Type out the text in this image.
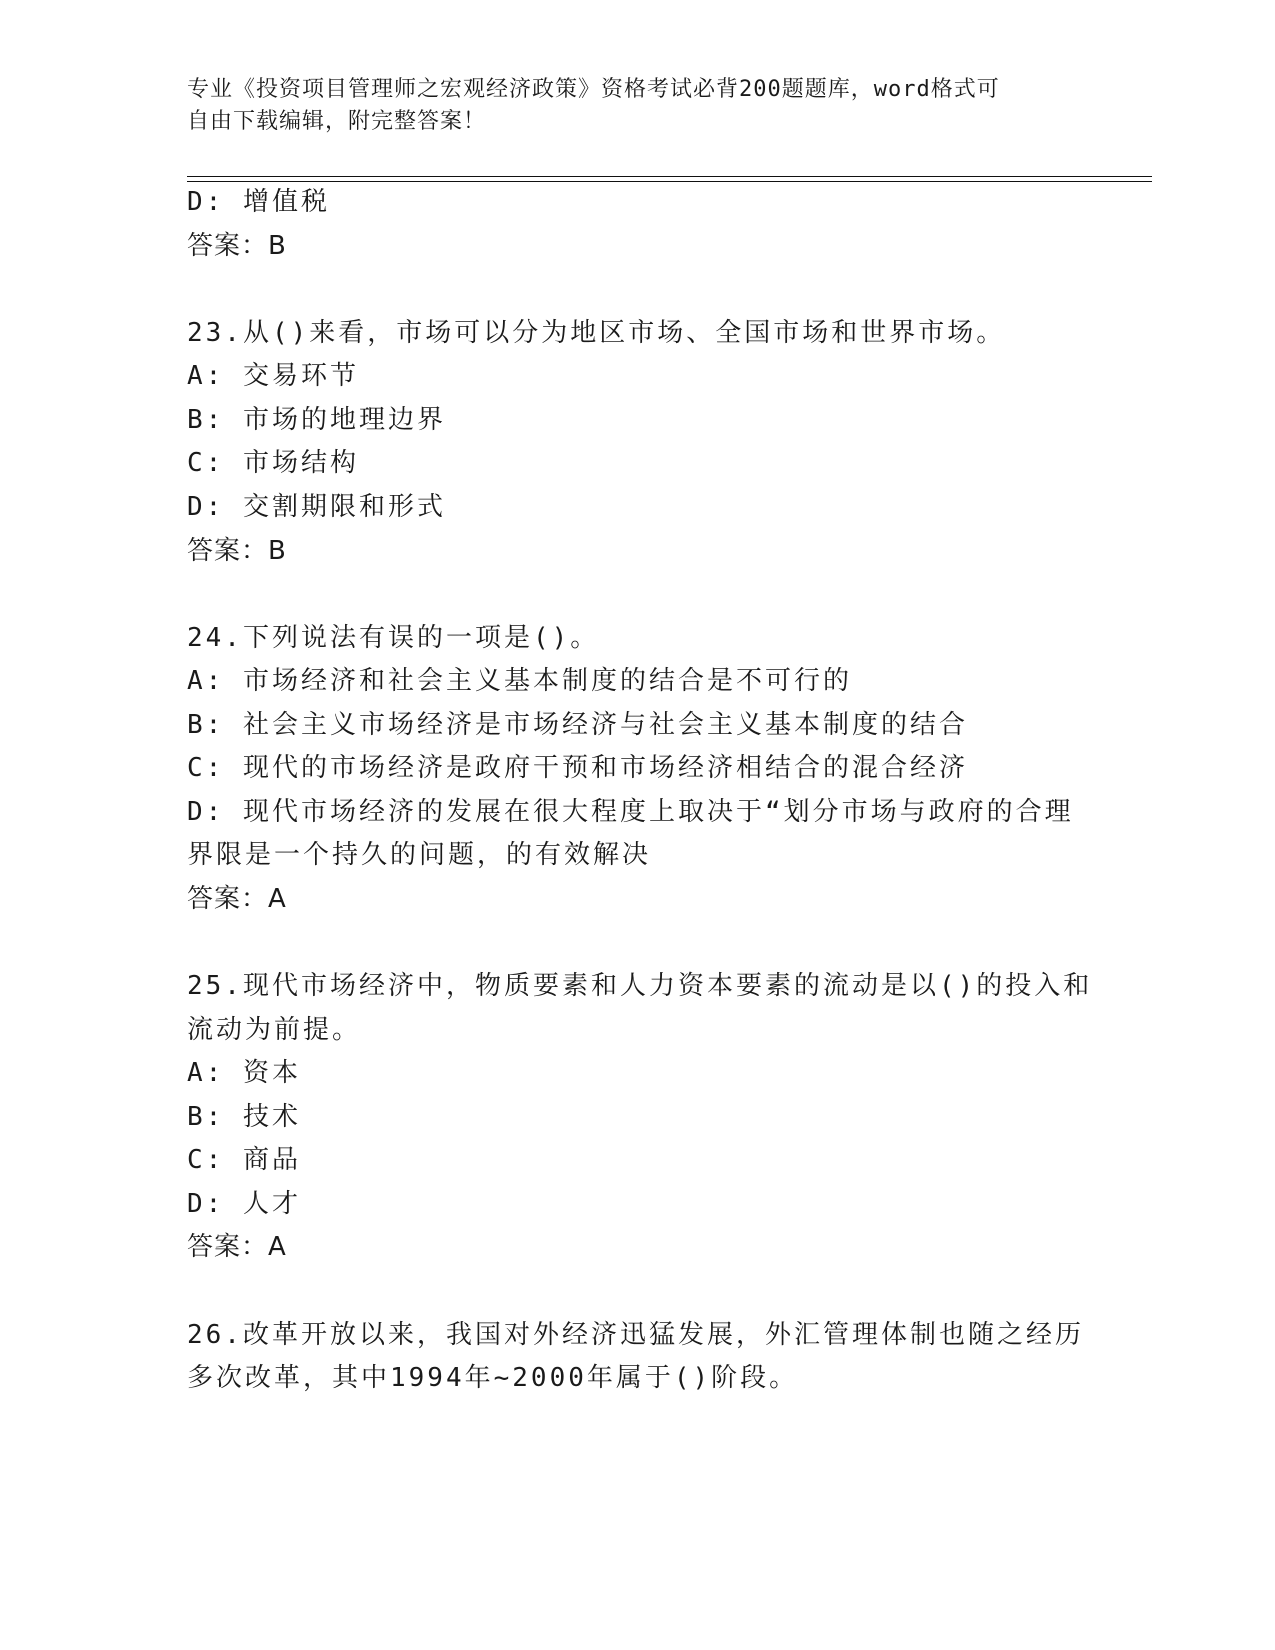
专业《投资项目管理师之宏观经济政策》资格考试必背200题题库，word格式可
自由下载编辑，附完整答案！
D: 增值税
答案：B
23.从()来看，市场可以分为地区市场、全国市场和世界市场。
A: 交易环节
B: 市场的地理边界
C: 市场结构
D: 交割期限和形式
答案：B
24.下列说法有误的一项是()。
A: 市场经济和社会主义基本制度的结合是不可行的
B: 社会主义市场经济是市场经济与社会主义基本制度的结合
C: 现代的市场经济是政府干预和市场经济相结合的混合经济
D: 现代市场经济的发展在很大程度上取决于“划分市场与政府的合理
界限是一个持久的问题，的有效解决
答案：A
25.现代市场经济中，物质要素和人力资本要素的流动是以()的投入和
流动为前提。
A: 资本
B: 技术
C: 商品
D: 人才
答案：A
26.改革开放以来，我国对外经济迅猛发展，外汇管理体制也随之经历
多次改革，其中1994年~2000年属于()阶段。
